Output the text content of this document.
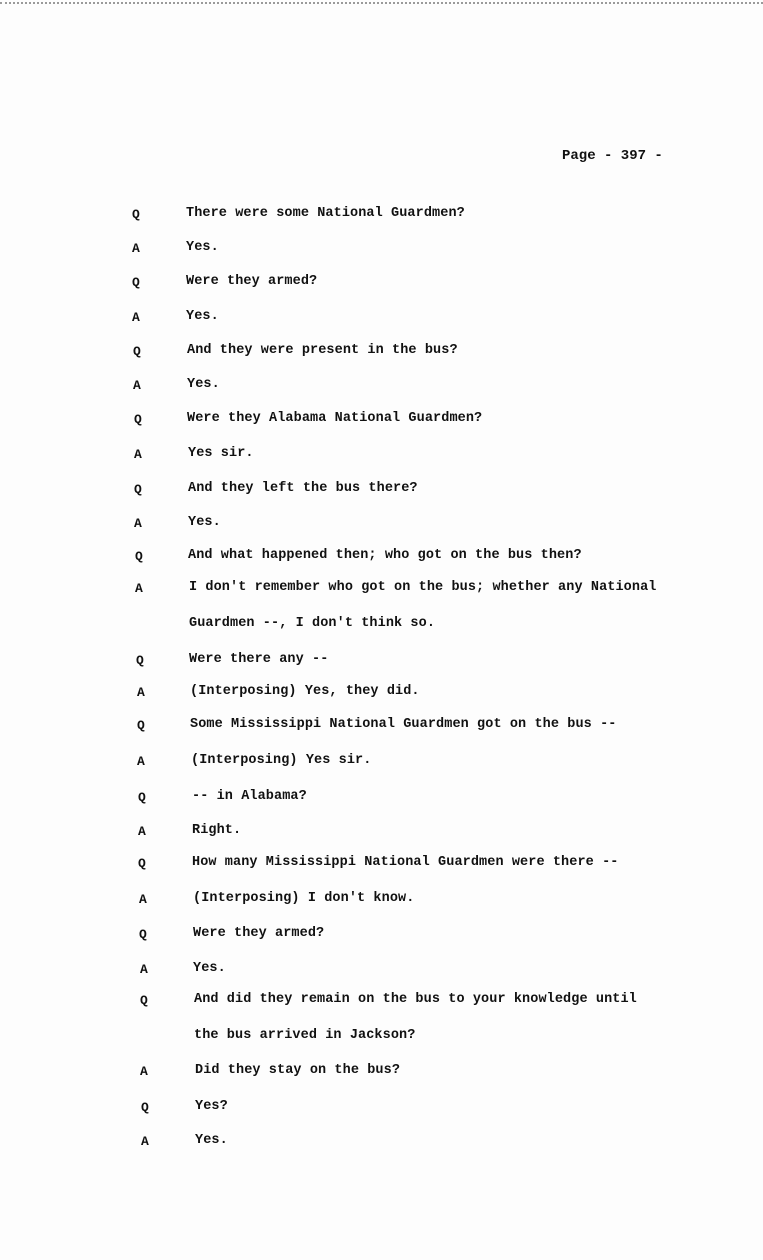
Page - 397 -
Q	There were some National Guardmen?
A	Yes.
Q	Were they armed?
A	Yes.
Q	And they were present in the bus?
A	Yes.
Q	Were they Alabama National Guardmen?
A	Yes sir.
Q	And they left the bus there?
A	Yes.
Q	And what happened then; who got on the bus then?
A	I don't remember who got on the bus; whether any National
Guardmen --, I don't think so.
Q	Were there any --
A	(Interposing) Yes, they did.
Q	Some Mississippi National Guardmen got on the bus --
A	(Interposing) Yes sir.
Q	-- in Alabama?
A	Right.
Q	How many Mississippi National Guardmen were there --
A	(Interposing) I don't know.
Q	Were they armed?
A	Yes.
Q	And did they remain on the bus to your knowledge until
the bus arrived in Jackson?
A	Did they stay on the bus?
Q	Yes?
A	Yes.
